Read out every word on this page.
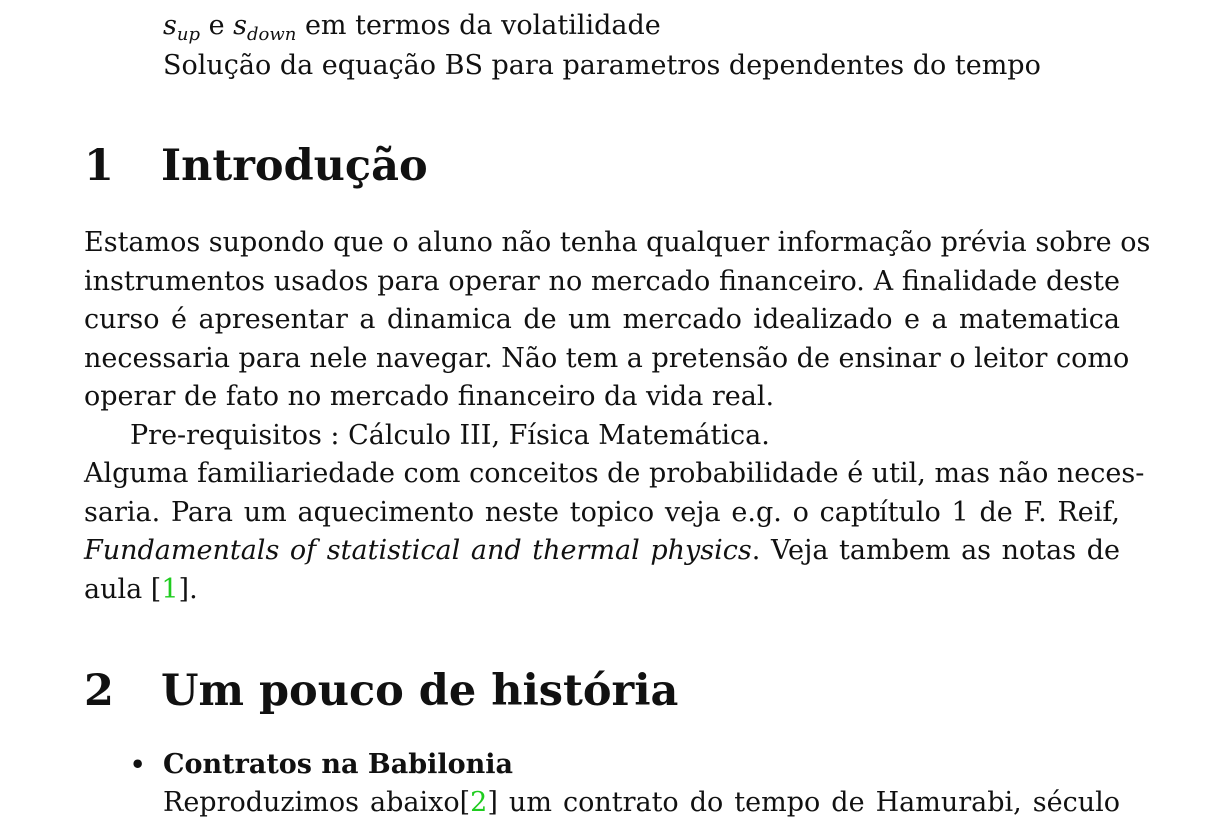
$s_{up}$ e $s_{down}$ em termos da volatilidade
Solução da equação BS para parametros dependentes do tempo
1 Introdução
Estamos supondo que o aluno não tenha qualquer informação prévia sobre os
instrumentos usados para operar no mercado financeiro. A finalidade deste
curso é apresentar a dinamica de um mercado idealizado e a matematica
necessaria para nele navegar. Não tem a pretensão de ensinar o leitor como
operar de fato no mercado financeiro da vida real.
Pre-requisitos : Cálculo III, Física Matemática.
Alguma familiariedade com conceitos de probabilidade é util, mas não neces-
saria. Para um aquecimento neste topico veja e.g. o captítulo 1 de F. Reif,
Fundamentals of statistical and thermal physics. Veja tambem as notas de
aula [1].
2 Um pouco de história
• Contratos na Babilonia
Reproduzimos abaixo[2] um contrato do tempo de Hamurabi, século
